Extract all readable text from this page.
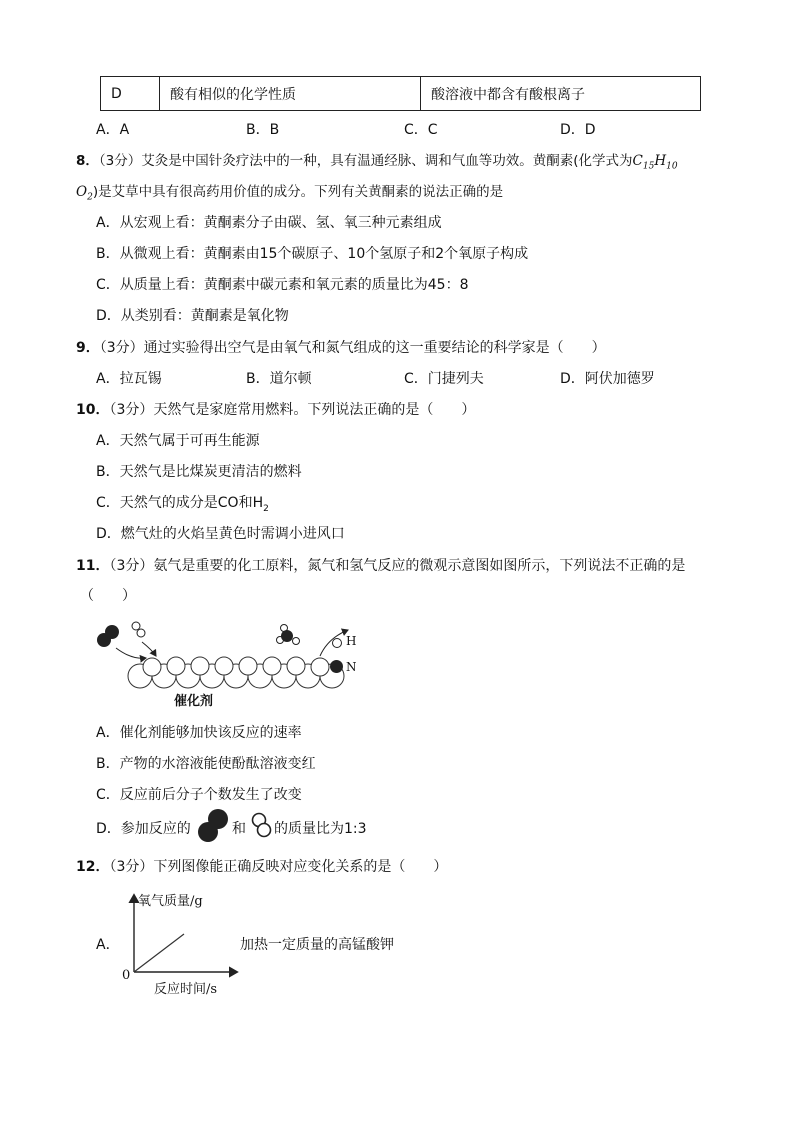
D	酸有相似的化学性质	酸溶液中都含有酸根离子
A．A	B．B	C．C	D．D
8．（3分）艾灸是中国针灸疗法中的一种，具有温通经脉、调和气血等功效。黄酮素(化学式为$C_{15}H_{10}$
$O_2$)是艾草中具有很高药用价值的成分。下列有关黄酮素的说法正确的是
A．从宏观上看：黄酮素分子由碳、氢、氧三种元素组成
B．从微观上看：黄酮素由15个碳原子、10个氢原子和2个氧原子构成
C．从质量上看：黄酮素中碳元素和氧元素的质量比为45：8
D．从类别看：黄酮素是氧化物
9．（3分）通过实验得出空气是由氧气和氮气组成的这一重要结论的科学家是（　　）
A．拉瓦锡	B．道尔顿	C．门捷列夫	D．阿伏加德罗
10．（3分）天然气是家庭常用燃料。下列说法正确的是（　　）
A．天然气属于可再生能源
B．天然气是比煤炭更清洁的燃料
C．天然气的成分是CO和$H_2$
D．燃气灶的火焰呈黄色时需调小进风口
11．（3分）氨气是重要的化工原料，氮气和氢气反应的微观示意图如图所示，下列说法不正确的是
（　　）
催化剂
H
N
A．催化剂能够加快该反应的速率
B．产物的水溶液能使酚酞溶液变红
C．反应前后分子个数发生了改变
D．参加反应的	和 的质量比为1:3
12．（3分）下列图像能正确反映对应变化关系的是（　　）
A．
氧气质量/g
0
反应时间/s
加热一定质量的高锰酸钾
